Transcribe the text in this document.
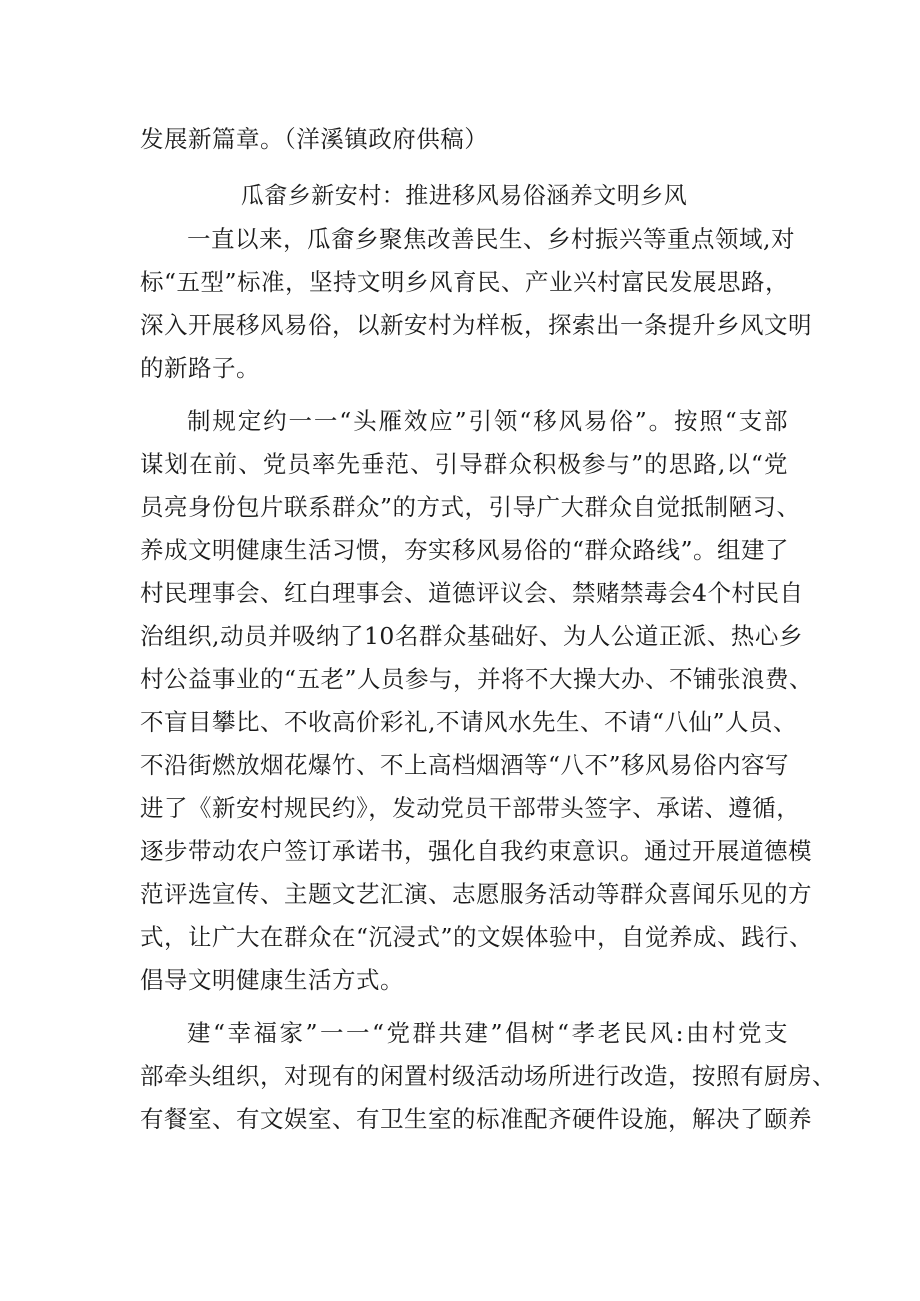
发展新篇章。（洋溪镇政府供稿）
瓜畲乡新安村：推进移风易俗涵养文明乡风
一直以来，瓜畲乡聚焦改善民生、乡村振兴等重点领域,对
标“五型”标准，坚持文明乡风育民、产业兴村富民发展思路，
深入开展移风易俗，以新安村为样板，探索出一条提升乡风文明
的新路子。
制规定约一一“头雁效应”引领“移风易俗”。按照“支部
谋划在前、党员率先垂范、引导群众积极参与”的思路,以“党
员亮身份包片联系群众”的方式，引导广大群众自觉抵制陋习、
养成文明健康生活习惯，夯实移风易俗的“群众路线”。组建了
村民理事会、红白理事会、道德评议会、禁赌禁毒会4个村民自
治组织,动员并吸纳了10名群众基础好、为人公道正派、热心乡
村公益事业的“五老”人员参与，并将不大操大办、不铺张浪费、
不盲目攀比、不收高价彩礼,不请风水先生、不请“八仙”人员、
不沿街燃放烟花爆竹、不上高档烟酒等“八不”移风易俗内容写
进了《新安村规民约》，发动党员干部带头签字、承诺、遵循，
逐步带动农户签订承诺书，强化自我约束意识。通过开展道德模
范评选宣传、主题文艺汇演、志愿服务活动等群众喜闻乐见的方
式，让广大在群众在“沉浸式”的文娱体验中，自觉养成、践行、
倡导文明健康生活方式。
建“幸福家”一一“党群共建”倡树“孝老民风:由村党支
部牵头组织，对现有的闲置村级活动场所进行改造，按照有厨房、
有餐室、有文娱室、有卫生室的标准配齐硬件设施，解决了颐养
